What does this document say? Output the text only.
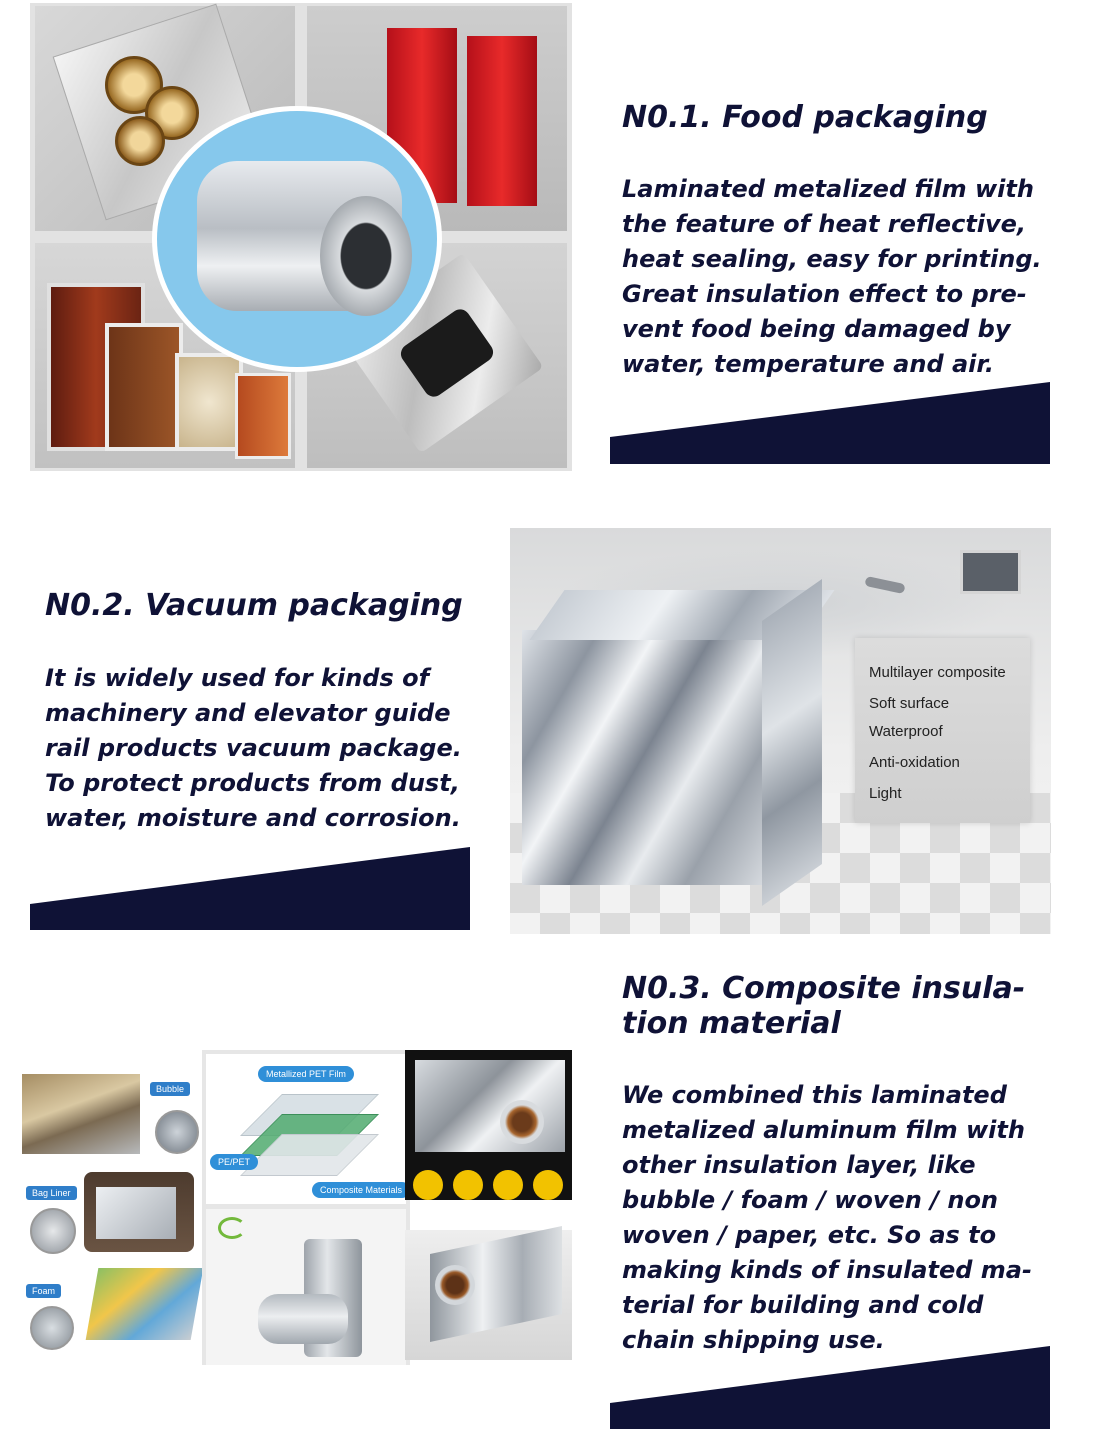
N0.1. Food packaging

Laminated metalized film with
the feature of heat reflective,
heat sealing, easy for printing.
Great insulation effect to pre-
vent food being damaged by
water, temperature and air.

N0.2. Vacuum packaging

It is widely used for kinds of
machinery and elevator guide
rail products vacuum package.
To protect products from dust,
water, moisture and corrosion.

Multilayer composite
Soft surface
Waterproof
Anti-oxidation
Light
Bubble
Bag Liner
Foam
Metallized PET Film
PE/PET
Composite Materials
N0.3. Composite insula-
tion material

We combined this laminated
metalized aluminum film with
other insulation layer, like
bubble / foam / woven / non
woven / paper, etc. So as to
making kinds of insulated ma-
terial for building and cold
chain shipping use.
